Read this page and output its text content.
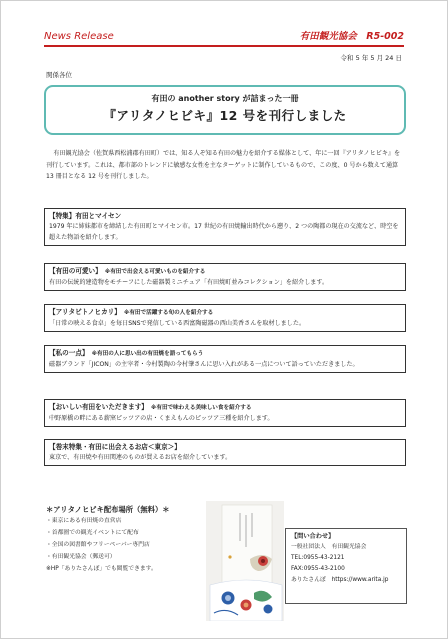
News Release	有田観光協会　R5-002
令和 5 年 5 月 24 日
関係各位
有田の another story が詰まった一冊
『アリタノヒビキ』12 号を刊行しました
有田観光協会（佐賀県西松浦郡有田町）では、知る人ぞ知る有田の魅力を紹介する媒体として、年に一回『アリタノヒビキ』を刊行しています。これは、都市部のトレンドに敏感な女性を主なターゲットに制作しているもので、この度、0 号から数えて通算 13 冊目となる 12 号を刊行しました。
【特集】有田とマイセン
1979 年に姉妹都市を締結した有田町とマイセン市。17 世紀の有田焼輸出時代から遡り、2 つの陶都の現在の交流など、時空を超えた物語を紹介します。
【有田の可愛い】 ※有田で出会える可愛いものを紹介する
有田の伝統的建造物をモチーフにした磁器製ミニチュア「有田焼町並みコレクション」を紹介します。
【アリタビトノヒカリ】 ※有田で活躍する旬の人を紹介する
「日常の映える食卓」を毎日SNSで発信している西富陶磁器の西山美香さんを取材しました。
【私の一点】 ※有田の人に思い出の有田焼を語ってもらう
磁器ブランド「JICON」の主宰者・今村製陶の今村肇さんに思い入れがある一点について語っていただきました。
【おいしい有田をいただきます】 ※有田で味わえる美味しい食を紹介する
中野原橋の畔にある薪窯ピッツアの店・くまえもんのピッツア三種を紹介します。
【巻末特集・有田に出会えるお店＜東京＞】
東京で、有田焼や有田関連のものが買えるお店を紹介しています。
＊アリタノヒビキ配布場所（無料）＊
・東京にある有田焼の直営店
・首都圏での観光イベントにて配布
・全国の図書館やフリーペーパー専門店
・有田観光協会（郵送可）
※HP「ありたさんぽ」でも閲覧できます。
【問い合わせ】
一般社団法人　有田観光協会
TEL:0955-43-2121
FAX:0955-43-2100
ありたさんぽ　https://www.arita.jp
